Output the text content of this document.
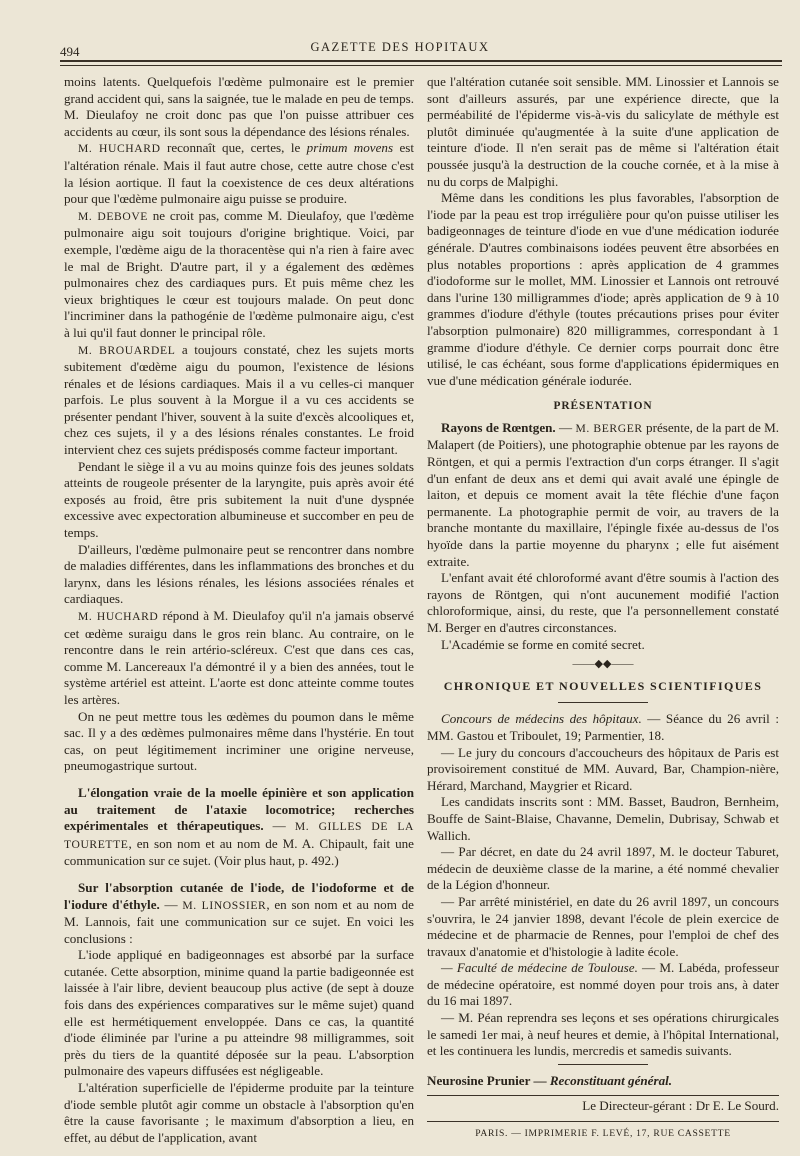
GAZETTE DES HOPITAUX
494

moins latents. Quelquefois l'œdème pulmonaire est le premier grand accident qui, sans la saignée, tue le malade en peu de temps. M. Dieulafoy ne croit donc pas que l'on puisse attribuer ces accidents au cœur, ils sont sous la dépendance des lésions rénales.

M. HUCHARD reconnaît que, certes, le primum movens est l'altération rénale. Mais il faut autre chose, cette autre chose c'est la lésion aortique. Il faut la coexistence de ces deux altérations pour que l'œdème pulmonaire aigu puisse se produire.

M. DEBOVE ne croit pas, comme M. Dieulafoy, que l'œdème pulmonaire aigu soit toujours d'origine brightique. Voici, par exemple, l'œdème aigu de la thoracentèse qui n'a rien à faire avec le mal de Bright. D'autre part, il y a également des œdèmes pulmonaires chez des cardiaques purs. Et puis même chez les vieux brightiques le cœur est toujours malade. On peut donc l'incriminer dans la pathogénie de l'œdème pulmonaire aigu, c'est à lui qu'il faut donner le principal rôle.

M. BROUARDEL a toujours constaté, chez les sujets morts subitement d'œdème aigu du poumon, l'existence de lésions rénales et de lésions cardiaques. Mais il a vu celles-ci manquer parfois. Le plus souvent à la Morgue il a vu ces accidents se présenter pendant l'hiver, souvent à la suite d'excès alcooliques et, chez ces sujets, il y a des lésions rénales constantes. Le froid intervient chez ces sujets prédisposés comme facteur important.

Pendant le siège il a vu au moins quinze fois des jeunes soldats atteints de rougeole présenter de la laryngite, puis après avoir été exposés au froid, être pris subitement la nuit d'une dyspnée excessive avec expectoration albumineuse et succomber en peu de temps.

D'ailleurs, l'œdème pulmonaire peut se rencontrer dans nombre de maladies différentes, dans les inflammations des bronches et du larynx, dans les lésions rénales, les lésions associées rénales et cardiaques.

M. HUCHARD répond à M. Dieulafoy qu'il n'a jamais observé cet œdème suraigu dans le gros rein blanc. Au contraire, on le rencontre dans le rein artério-scléreux. C'est que dans ces cas, comme M. Lancereaux l'a démontré il y a bien des années, tout le système artériel est atteint. L'aorte est donc atteinte comme toutes les artères.

On ne peut mettre tous les œdèmes du poumon dans le même sac. Il y a des œdèmes pulmonaires même dans l'hystérie. En tout cas, on peut légitimement incriminer une origine nerveuse, pneumogastrique surtout.

L'élongation vraie de la moelle épinière et son application au traitement de l'ataxie locomotrice; recherches expérimentales et thérapeutiques. — M. GILLES DE LA TOURETTE, en son nom et au nom de M. A. Chipault, fait une communication sur ce sujet. (Voir plus haut, p. 492.)

Sur l'absorption cutanée de l'iode, de l'iodoforme et de l'iodure d'éthyle. — M. LINOSSIER, en son nom et au nom de M. Lannois, fait une communication sur ce sujet. En voici les conclusions :

L'iode appliqué en badigeonnages est absorbé par la surface cutanée. Cette absorption, minime quand la partie badigeonnée est laissée à l'air libre, devient beaucoup plus active (de sept à douze fois dans des expériences comparatives sur le même sujet) quand elle est hermétiquement enveloppée. Dans ce cas, la quantité d'iode éliminée par l'urine a pu atteindre 98 milligrammes, soit près du tiers de la quantité déposée sur la peau. L'absorption pulmonaire des vapeurs diffusées est négligeable.

L'altération superficielle de l'épiderme produite par la teinture d'iode semble plutôt agir comme un obstacle à l'absorption qu'en être la cause favorisante ; le maximum d'absorption a lieu, en effet, au début de l'application, avant

que l'altération cutanée soit sensible. MM. Linossier et Lannois se sont d'ailleurs assurés, par une expérience directe, que la perméabilité de l'épiderme vis-à-vis du salicylate de méthyle est plutôt diminuée qu'augmentée à la suite d'une application de teinture d'iode. Il n'en serait pas de même si l'altération était poussée jusqu'à la destruction de la couche cornée, et à la mise à nu du corps de Malpighi.

Même dans les conditions les plus favorables, l'absorption de l'iode par la peau est trop irrégulière pour qu'on puisse utiliser les badigeonnages de teinture d'iode en vue d'une médication iodurée générale. D'autres combinaisons iodées peuvent être absorbées en plus notables proportions : après application de 4 grammes d'iodoforme sur le mollet, MM. Linossier et Lannois ont retrouvé dans l'urine 130 milligrammes d'iode; après application de 9 à 10 grammes d'iodure d'éthyle (toutes précautions prises pour éviter l'absorption pulmonaire) 820 milligrammes, correspondant à 1 gramme d'iodure d'éthyle. Ce dernier corps pourrait donc être utilisé, le cas échéant, sous forme d'applications épidermiques en vue d'une médication générale iodurée.

PRÉSENTATION

Rayons de Rœntgen. — M. BERGER présente, de la part de M. Malapert (de Poitiers), une photographie obtenue par les rayons de Röntgen, et qui a permis l'extraction d'un corps étranger. Il s'agit d'un enfant de deux ans et demi qui avait avalé une épingle de laiton, et depuis ce moment avait la tête fléchie d'une façon permanente. La photographie permit de voir, au travers de la branche montante du maxillaire, l'épingle fixée au-dessus de l'os hyoïde dans la partie moyenne du pharynx ; elle fut aisément extraite.

L'enfant avait été chloroformé avant d'être soumis à l'action des rayons de Röntgen, qui n'ont aucunement modifié l'action chloroformique, ainsi, du reste, que l'a personnellement constaté M. Berger en d'autres circonstances.

L'Académie se forme en comité secret.

——◆◆——
CHRONIQUE ET NOUVELLES SCIENTIFIQUES

Concours de médecins des hôpitaux. — Séance du 26 avril : MM. Gastou et Triboulet, 19; Parmentier, 18.

— Le jury du concours d'accoucheurs des hôpitaux de Paris est provisoirement constitué de MM. Auvard, Bar, Champion-nière, Hérard, Marchand, Maygrier et Ricard.

Les candidats inscrits sont : MM. Basset, Baudron, Bernheim, Bouffe de Saint-Blaise, Chavanne, Demelin, Dubrisay, Schwab et Wallich.

— Par décret, en date du 24 avril 1897, M. le docteur Taburet, médecin de deuxième classe de la marine, a été nommé chevalier de la Légion d'honneur.

— Par arrêté ministériel, en date du 26 avril 1897, un concours s'ouvrira, le 24 janvier 1898, devant l'école de plein exercice de médecine et de pharmacie de Rennes, pour l'emploi de chef des travaux d'anatomie et d'histologie à ladite école.

— Faculté de médecine de Toulouse. — M. Labéda, professeur de médecine opératoire, est nommé doyen pour trois ans, à dater du 16 mai 1897.

— M. Péan reprendra ses leçons et ses opérations chirurgicales le samedi 1er mai, à neuf heures et demie, à l'hôpital International, et les continuera les lundis, mercredis et samedis suivants.

Neurosine Prunier — Reconstituant général.

Le Directeur-gérant : Dr E. Le Sourd.
PARIS. — IMPRIMERIE F. LEVÉ, 17, RUE CASSETTE
